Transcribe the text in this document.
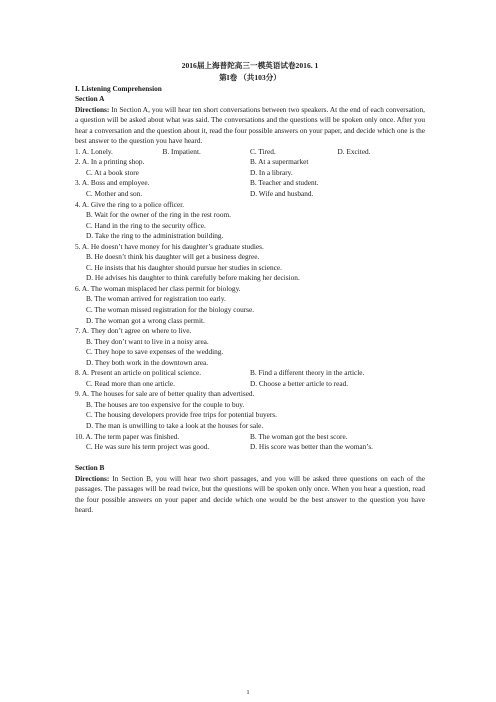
2016届上海普陀高三一模英语试卷2016. 1
第I卷 （共103分）
I. Listening Comprehension
Section A
Directions: In Section A, you will hear ten short conversations between two speakers. At the end of each conversation, a question will be asked about what was said. The conversations and the questions will be spoken only once. After you hear a conversation and the question about it, read the four possible answers on your paper, and decide which one is the best answer to the question you have heard.
1. A. Lonely.	B. Impatient.	C. Tired.	D. Excited.
2. A. In a printing shop.	B. At a supermarket
C. At a book store	D. In a library.
3. A. Boss and employee.	B. Teacher and student.
C. Mother and son.	D. Wife and husband.
4. A. Give the ring to a police officer.
B. Wait for the owner of the ring in the rest room.
C. Hand in the ring to the security office.
D. Take the ring to the administration building.
5. A. He doesn’t have money for his daughter’s graduate studies.
B. He doesn’t think his daughter will get a business degree.
C. He insists that his daughter should pursue her studies in science.
D. He advises his daughter to think carefully before making her decision.
6. A. The woman misplaced her class permit for biology.
B. The woman arrived for registration too early.
C. The woman missed registration for the biology course.
D. The woman got a wrong class permit.
7. A. They don’t agree on where to live.
B. They don’t want to live in a noisy area.
C. They hope to save expenses of the wedding.
D. They both work in the downtown area.
8. A. Present an article on political science.	B. Find a different theory in the article.
C. Read more than one article.	D. Choose a better article to read.
9. A. The houses for sale are of better quality than advertised.
B. The houses are too expensive for the couple to buy.
C. The housing developers provide free trips for potential buyers.
D. The man is unwilling to take a look at the houses for sale.
10. A. The term paper was finished.	B. The woman got the best score.
C. He was sure his term project was good.	D. His score was better than the woman’s.
Section B
Directions: In Section B, you will hear two short passages, and you will be asked three questions on each of the passages. The passages will be read twice, but the questions will be spoken only once. When you hear a question, read the four possible answers on your paper and decide which one would be the best answer to the question you have heard.
1
